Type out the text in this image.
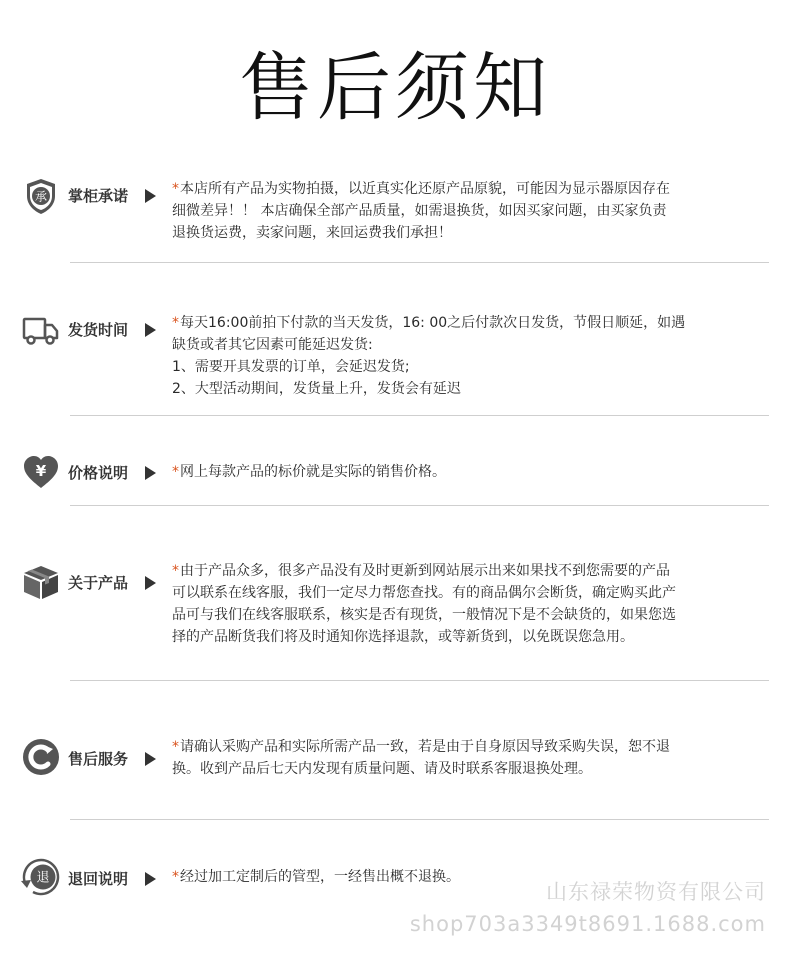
售后须知
承 掌柜承诺	*本店所有产品为实物拍摄，以近真实化还原产品原貌，可能因为显示器原因存在
细微差异！！ 本店确保全部产品质量，如需退换货，如因买家问题，由买家负责
退换货运费，卖家问题，来回运费我们承担！
发货时间	*每天16:00前拍下付款的当天发货，16: 00之后付款次日发货，节假日顺延，如遇
缺货或者其它因素可能延迟发货:
1、需要开具发票的订单，会延迟发货;
2、大型活动期间，发货量上升，发货会有延迟
¥ 价格说明	*网上每款产品的标价就是实际的销售价格。
关于产品
*由于产品众多，很多产品没有及时更新到网站展示出来如果找不到您需要的产品
可以联系在线客服，我们一定尽力帮您查找。有的商品偶尔会断货，确定购买此产
品可与我们在线客服联系，核实是否有现货，一般情况下是不会缺货的，如果您选
择的产品断货我们将及时通知你选择退款，或等新货到，以免既误您急用。
售后服务
*请确认采购产品和实际所需产品一致，若是由于自身原因导致采购失误，恕不退
换。收到产品后七天内发现有质量问题、请及时联系客服退换处理。
退 退回说明	*经过加工定制后的管型，一经售出概不退换。
山东禄荣物资有限公司
shop703a3349t8691.1688.com
